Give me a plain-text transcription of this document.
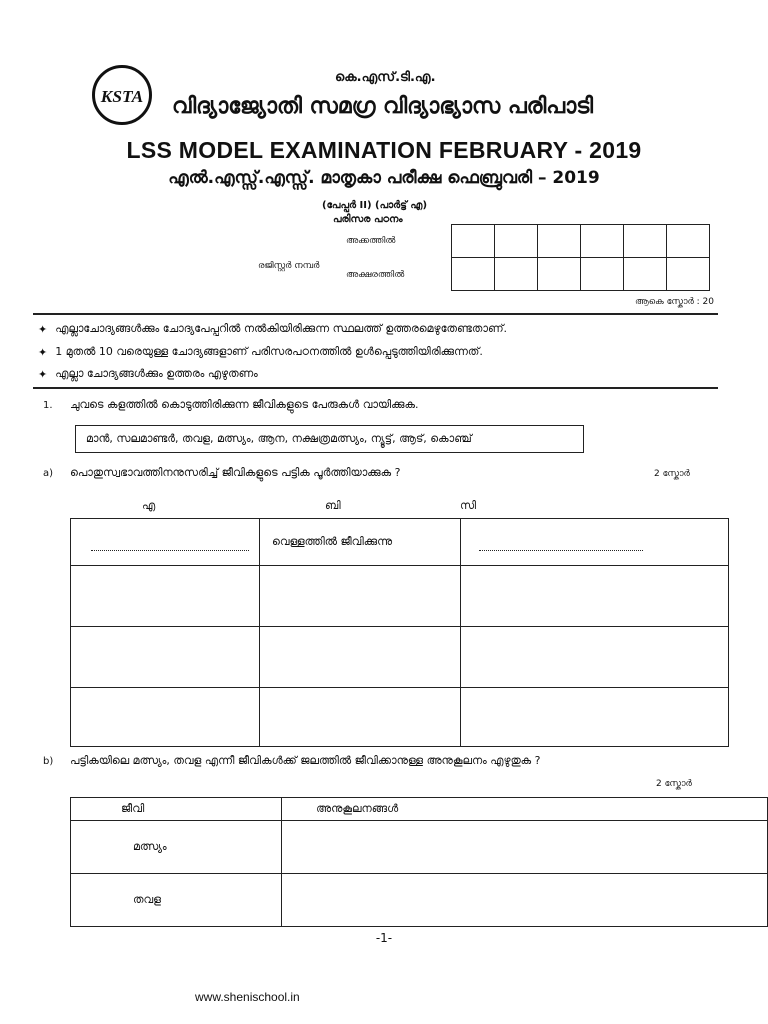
KSTA
കെ.എസ്.ടി.എ.
വിദ്യാജ്യോതി സമഗ്ര വിദ്യാഭ്യാസ പരിപാടി
LSS MODEL EXAMINATION FEBRUARY - 2019
എൽ.എസ്സ്.എസ്സ്. മാതൃകാ പരീക്ഷ ഫെബ്രുവരി – 2019
(പേപ്പർ II) (പാർട്ട് എ)
പരിസര പഠനം
അക്കത്തിൽ
രജിസ്റ്റർ നമ്പർ
അക്ഷരത്തിൽ

ആകെ സ്കോർ : 20
✦ എല്ലാചോദ്യങ്ങൾക്കും ചോദ്യപേപ്പറിൽ നൽകിയിരിക്കുന്ന സ്ഥലത്ത് ഉത്തരമെഴുതേണ്ടതാണ്.
✦ 1 മുതൽ 10 വരെയുള്ള ചോദ്യങ്ങളാണ് പരിസരപഠനത്തിൽ ഉൾപ്പെടുത്തിയിരിക്കുന്നത്.
✦ എല്ലാ ചോദ്യങ്ങൾക്കും ഉത്തരം എഴുതണം
1. ചുവടെ കളത്തിൽ കൊടുത്തിരിക്കുന്ന ജീവികളുടെ പേരുകൾ വായിക്കുക.
മാൻ, സലമാണ്ടർ, തവള, മത്സ്യം, ആന, നക്ഷത്രമത്സ്യം, ന്യൂട്ട്, ആട്, കൊഞ്ച്
a) പൊതുസ്വഭാവത്തിനനുസരിച്ച് ജീവികളുടെ പട്ടിക പൂർത്തിയാക്കുക ?	2 സ്കോർ
എ	ബി	സി
	വെള്ളത്തിൽ ജീവിക്കുന്നു	

b) പട്ടികയിലെ മത്സ്യം, തവള എന്നീ ജീവികൾക്ക് ജലത്തിൽ ജീവിക്കാനുള്ള അനുകൂലനം എഴുതുക ?
2 സ്കോർ
ജീവി	അനുകൂലനങ്ങൾ
മത്സ്യം	
തവള	
-1-
www.shenischool.in
